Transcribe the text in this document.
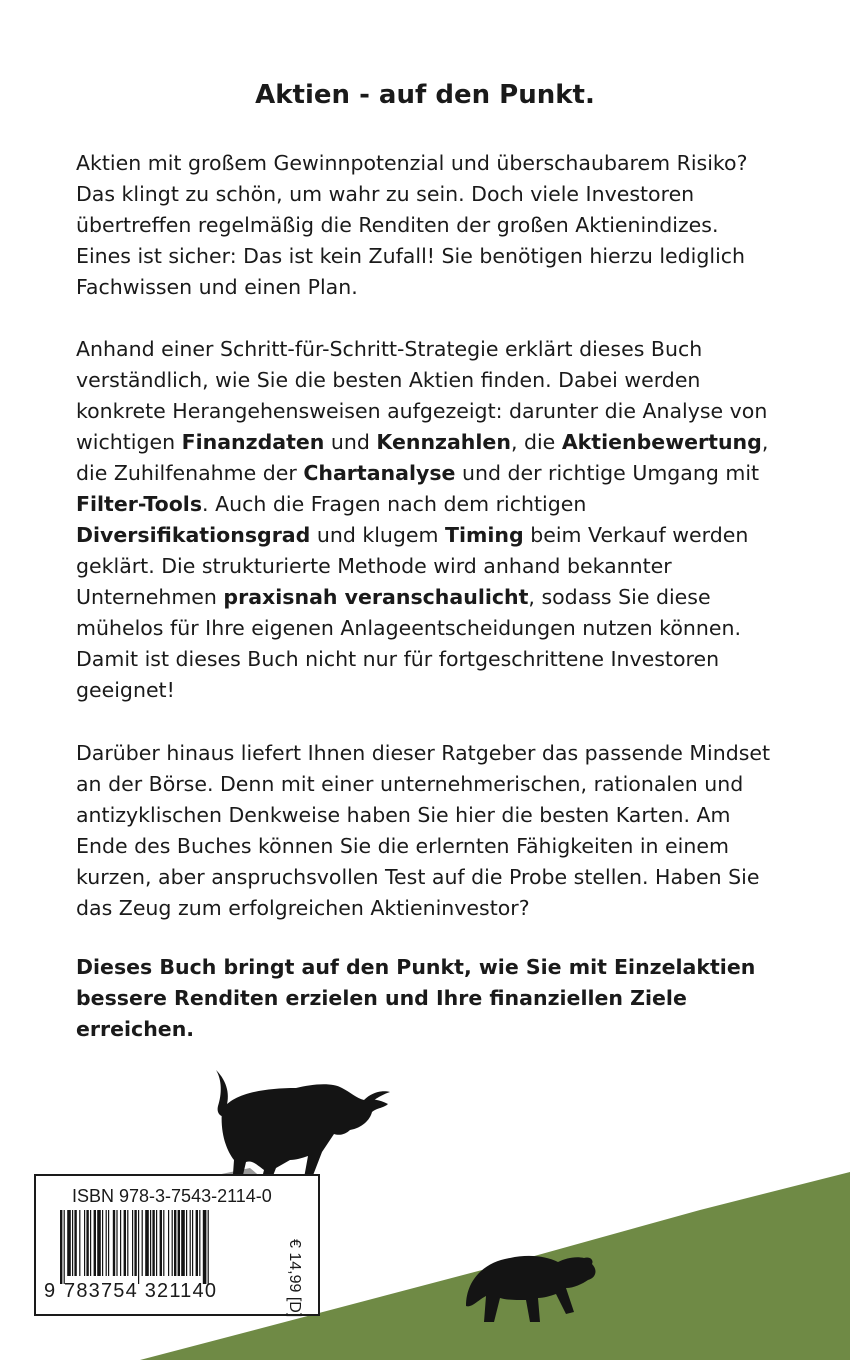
Aktien - auf den Punkt.

Aktien mit großem Gewinnpotenzial und überschaubarem Risiko? Das klingt zu schön, um wahr zu sein. Doch viele Investoren übertreffen regelmäßig die Renditen der großen Aktienindizes. Eines ist sicher: Das ist kein Zufall! Sie benötigen hierzu lediglich Fachwissen und einen Plan.

Anhand einer Schritt-für-Schritt-Strategie erklärt dieses Buch verständlich, wie Sie die besten Aktien finden. Dabei werden konkrete Herangehensweisen aufgezeigt: darunter die Analyse von wichtigen Finanzdaten und Kennzahlen, die Aktienbewertung, die Zuhilfenahme der Chartanalyse und der richtige Umgang mit Filter-Tools. Auch die Fragen nach dem richtigen Diversifikationsgrad und klugem Timing beim Verkauf werden geklärt. Die strukturierte Methode wird anhand bekannter Unternehmen praxisnah veranschaulicht, sodass Sie diese mühelos für Ihre eigenen Anlageentscheidungen nutzen können. Damit ist dieses Buch nicht nur für fortgeschrittene Investoren geeignet!

Darüber hinaus liefert Ihnen dieser Ratgeber das passende Mindset an der Börse. Denn mit einer unternehmerischen, rationalen und antizyklischen Denkweise haben Sie hier die besten Karten. Am Ende des Buches können Sie die erlernten Fähigkeiten in einem kurzen, aber anspruchsvollen Test auf die Probe stellen. Haben Sie das Zeug zum erfolgreichen Aktieninvestor?

Dieses Buch bringt auf den Punkt, wie Sie mit Einzelaktien bessere Renditen erzielen und Ihre finanziellen Ziele erreichen.

ISBN 978-3-7543-2114-0
9 783754 321140	€ 14,99 [D]
